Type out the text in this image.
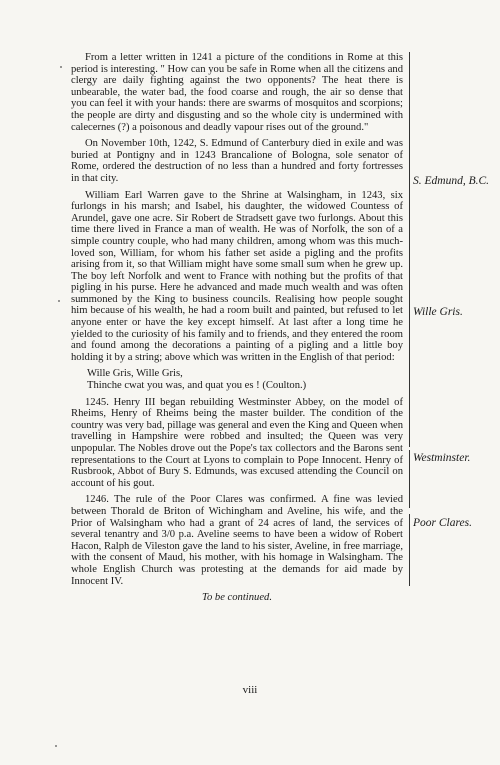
From a letter written in 1241 a picture of the conditions in Rome at this period is interesting. " How can you be safe in Rome when all the citizens and clergy are daily fighting against the two opponents? The heat there is unbearable, the water bad, the food coarse and rough, the air so dense that you can feel it with your hands: there are swarms of mosquitos and scorpions; the people are dirty and disgusting and so the whole city is undermined with calecernes (?) a poisonous and deadly vapour rises out of the ground."

On November 10th, 1242, S. Edmund of Canterbury died in exile and was buried at Pontigny and in 1243 Brancalione of Bologna, sole senator of Rome, ordered the destruction of no less than a hundred and forty fortresses in that city.

William Earl Warren gave to the Shrine at Walsingham, in 1243, six furlongs in his marsh; and Isabel, his daughter, the widowed Countess of Arundel, gave one acre. Sir Robert de Stradsett gave two furlongs. About this time there lived in France a man of wealth. He was of Norfolk, the son of a simple country couple, who had many children, among whom was this much-loved son, William, for whom his father set aside a pigling and the profits arising from it, so that William might have some small sum when he grew up. The boy left Norfolk and went to France with nothing but the profits of that pigling in his purse. Here he advanced and made much wealth and was often summoned by the King to business councils. Realising how people sought him because of his wealth, he had a room built and painted, but refused to let anyone enter or have the key except himself. At last after a long time he yielded to the curiosity of his family and to friends, and they entered the room and found among the decorations a painting of a pigling and a little boy holding it by a string; above which was written in the English of that period:

Wille Gris, Wille Gris,

Thinche cwat you was, and quat you es ! (Coulton.)

1245. Henry III began rebuilding Westminster Abbey, on the model of Rheims, Henry of Rheims being the master builder. The condition of the country was very bad, pillage was general and even the King and Queen when travelling in Hampshire were robbed and insulted; the Queen was very unpopular. The Nobles drove out the Pope's tax collectors and the Barons sent representations to the Court at Lyons to complain to Pope Innocent. Henry of Rusbrook, Abbot of Bury S. Edmunds, was excused attending the Council on account of his gout.

1246. The rule of the Poor Clares was confirmed. A fine was levied between Thorald de Briton of Wichingham and Aveline, his wife, and the Prior of Walsingham who had a grant of 24 acres of land, the services of several tenantry and 3/0 p.a. Aveline seems to have been a widow of Robert Hacon, Ralph de Vileston gave the land to his sister, Aveline, in free marriage, with the consent of Maud, his mother, with his homage in Walsingham. The whole English Church was protesting at the demands for aid made by Innocent IV.

To be continued.

S. Edmund, B.C.
Wille Gris.
Westminster.
Poor Clares.
viii
